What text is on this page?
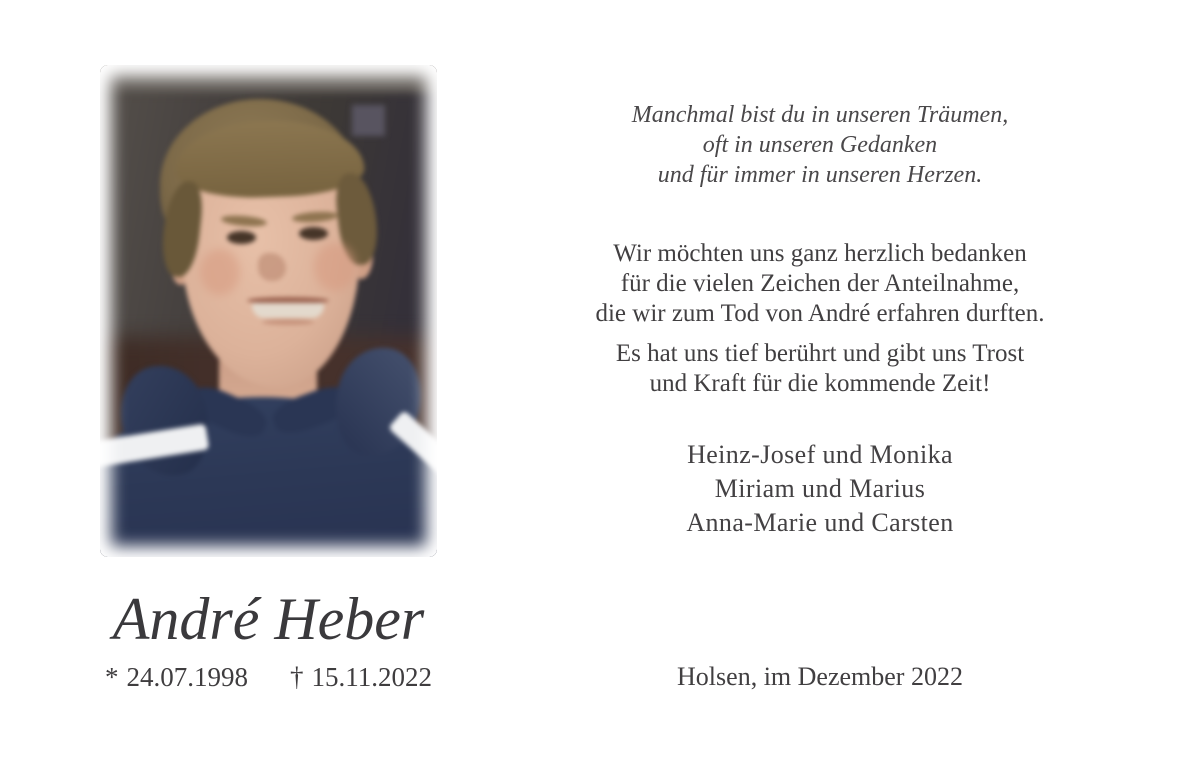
André Heber
* 24.07.1998 † 15.11.2022
Manchmal bist du in unseren Träumen,
oft in unseren Gedanken
und für immer in unseren Herzen.
Wir möchten uns ganz herzlich bedanken
für die vielen Zeichen der Anteilnahme,
die wir zum Tod von André erfahren durften.
Es hat uns tief berührt und gibt uns Trost
und Kraft für die kommende Zeit!
Heinz-Josef und Monika
Miriam und Marius
Anna-Marie und Carsten
Holsen, im Dezember 2022
